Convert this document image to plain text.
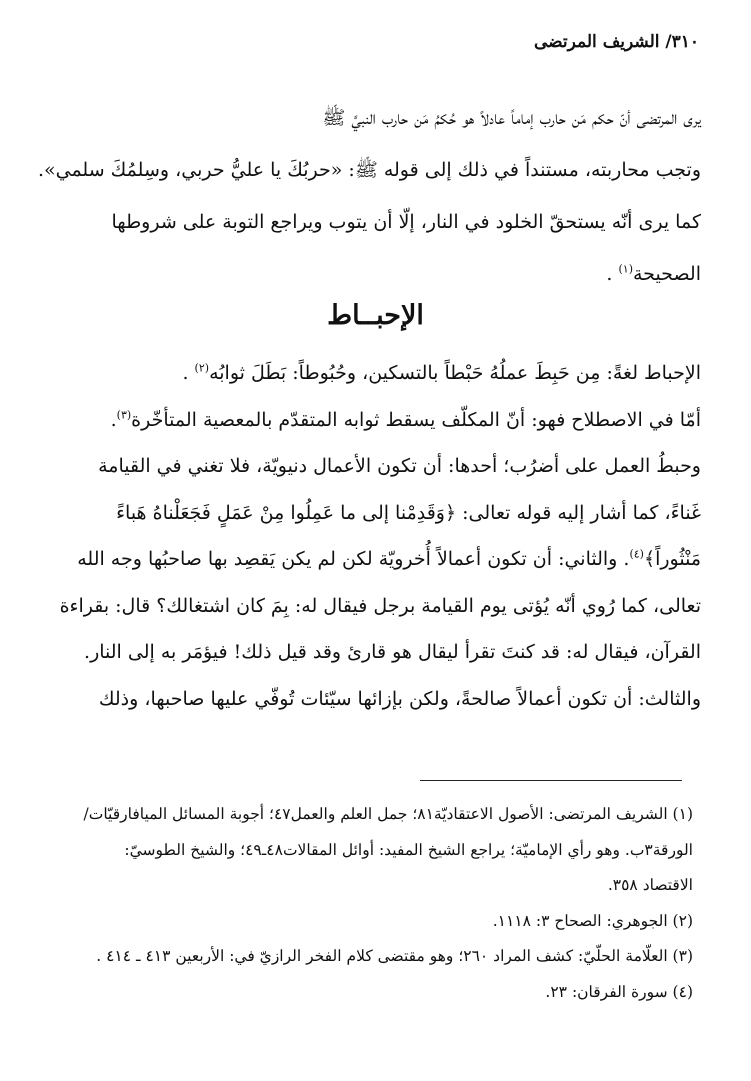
٣١٠/ الشريف المرتضى
يرى المرتضى أنّ حكم مَن حارب إماماً عادلاً هو حُكمُ مَن حارب النبيَّ ﷺ
وتجب محاربته، مستنداً في ذلك إلى قوله ﷺ: «حربُكَ يا عليُّ حربي، وسِلمُكَ سلمي».
كما يرى أنّه يستحقّ الخلود في النار، إلّا أن يتوب ويراجع التوبة على شروطها
الصحيحة$^{(١)}$ .
الإحبــاط
الإحباط لغةً: مِن حَبِطَ عملُهُ حَبْطاً بالتسكين، وحُبُوطاً: بَطَلَ ثوابُه$^{(٢)}$ .
أمّا في الاصطلاح فهو: أنّ المكلّف يسقط ثوابه المتقدّم بالمعصية المتأخّرة$^{(٣)}$.
وحبطُ العمل على أضرُب؛ أحدها: أن تكون الأعمال دنيويّة، فلا تغني في القيامة
غَناءً، كما أشار إليه قوله تعالى: ﴿وَقَدِمْنا إلى ما عَمِلُوا مِنْ عَمَلٍ فَجَعَلْناهُ هَباءً
مَنْثُوراً﴾$^{(٤)}$. والثاني: أن تكون أعمالاً أُخرويّة لكن لم يكن يَقصِد بها صاحبُها وجه الله
تعالى، كما رُوي أنّه يُؤتى يوم القيامة برجل فيقال له: بِمَ كان اشتغالك؟ قال: بقراءة
القرآن، فيقال له: قد كنتَ تقرأ ليقال هو قارئ وقد قيل ذلك! فيؤمَر به إلى النار.
والثالث: أن تكون أعمالاً صالحةً، ولكن بإزائها سيّئات تُوفّي عليها صاحبها، وذلك
(١) الشريف المرتضى: الأصول الاعتقاديّة٨١؛ جمل العلم والعمل٤٧؛ أجوبة المسائل الميافارقيّات/
الورقة٣ب. وهو رأي الإماميّة؛ يراجع الشيخ المفيد: أوائل المقالات٤٨ـ٤٩؛ والشيخ الطوسيّ:
الاقتصاد ٣٥٨.
(٢) الجوهري: الصحاح ٣: ١١١٨.
(٣) العلّامة الحلّيّ: كشف المراد ٢٦٠؛ وهو مقتضى كلام الفخر الرازيّ في: الأربعين ٤١٣ ـ ٤١٤ .
(٤) سورة الفرقان: ٢٣.
